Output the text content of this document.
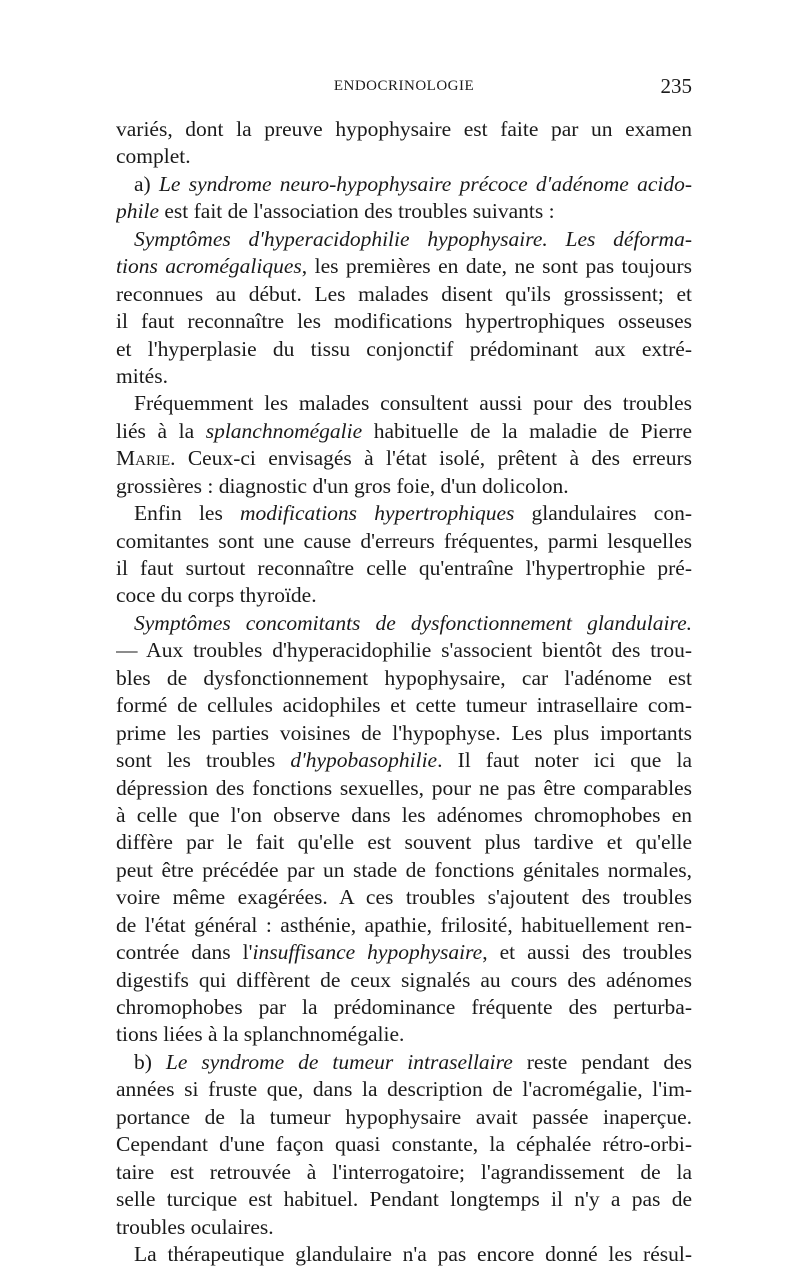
ENDOCRINOLOGIE	235
variés, dont la preuve hypophysaire est faite par un examen
complet.
a) Le syndrome neuro-hypophysaire précoce d'adénome acido-
phile est fait de l'association des troubles suivants :
Symptômes d'hyperacidophilie hypophysaire. Les déforma-
tions acromégaliques, les premières en date, ne sont pas toujours
reconnues au début. Les malades disent qu'ils grossissent; et
il faut reconnaître les modifications hypertrophiques osseuses
et l'hyperplasie du tissu conjonctif prédominant aux extré-
mités.
Fréquemment les malades consultent aussi pour des troubles
liés à la splanchnomégalie habituelle de la maladie de Pierre
Marie. Ceux-ci envisagés à l'état isolé, prêtent à des erreurs
grossières : diagnostic d'un gros foie, d'un dolicolon.
Enfin les modifications hypertrophiques glandulaires con-
comitantes sont une cause d'erreurs fréquentes, parmi lesquelles
il faut surtout reconnaître celle qu'entraîne l'hypertrophie pré-
coce du corps thyroïde.
Symptômes concomitants de dysfonctionnement glandulaire.
— Aux troubles d'hyperacidophilie s'associent bientôt des trou-
bles de dysfonctionnement hypophysaire, car l'adénome est
formé de cellules acidophiles et cette tumeur intrasellaire com-
prime les parties voisines de l'hypophyse. Les plus importants
sont les troubles d'hypobasophilie. Il faut noter ici que la
dépression des fonctions sexuelles, pour ne pas être comparables
à celle que l'on observe dans les adénomes chromophobes en
diffère par le fait qu'elle est souvent plus tardive et qu'elle
peut être précédée par un stade de fonctions génitales normales,
voire même exagérées. A ces troubles s'ajoutent des troubles
de l'état général : asthénie, apathie, frilosité, habituellement ren-
contrée dans l'insuffisance hypophysaire, et aussi des troubles
digestifs qui diffèrent de ceux signalés au cours des adénomes
chromophobes par la prédominance fréquente des perturba-
tions liées à la splanchnomégalie.
b) Le syndrome de tumeur intrasellaire reste pendant des
années si fruste que, dans la description de l'acromégalie, l'im-
portance de la tumeur hypophysaire avait passée inaperçue.
Cependant d'une façon quasi constante, la céphalée rétro-orbi-
taire est retrouvée à l'interrogatoire; l'agrandissement de la
selle turcique est habituel. Pendant longtemps il n'y a pas de
troubles oculaires.
La thérapeutique glandulaire n'a pas encore donné les résul-
